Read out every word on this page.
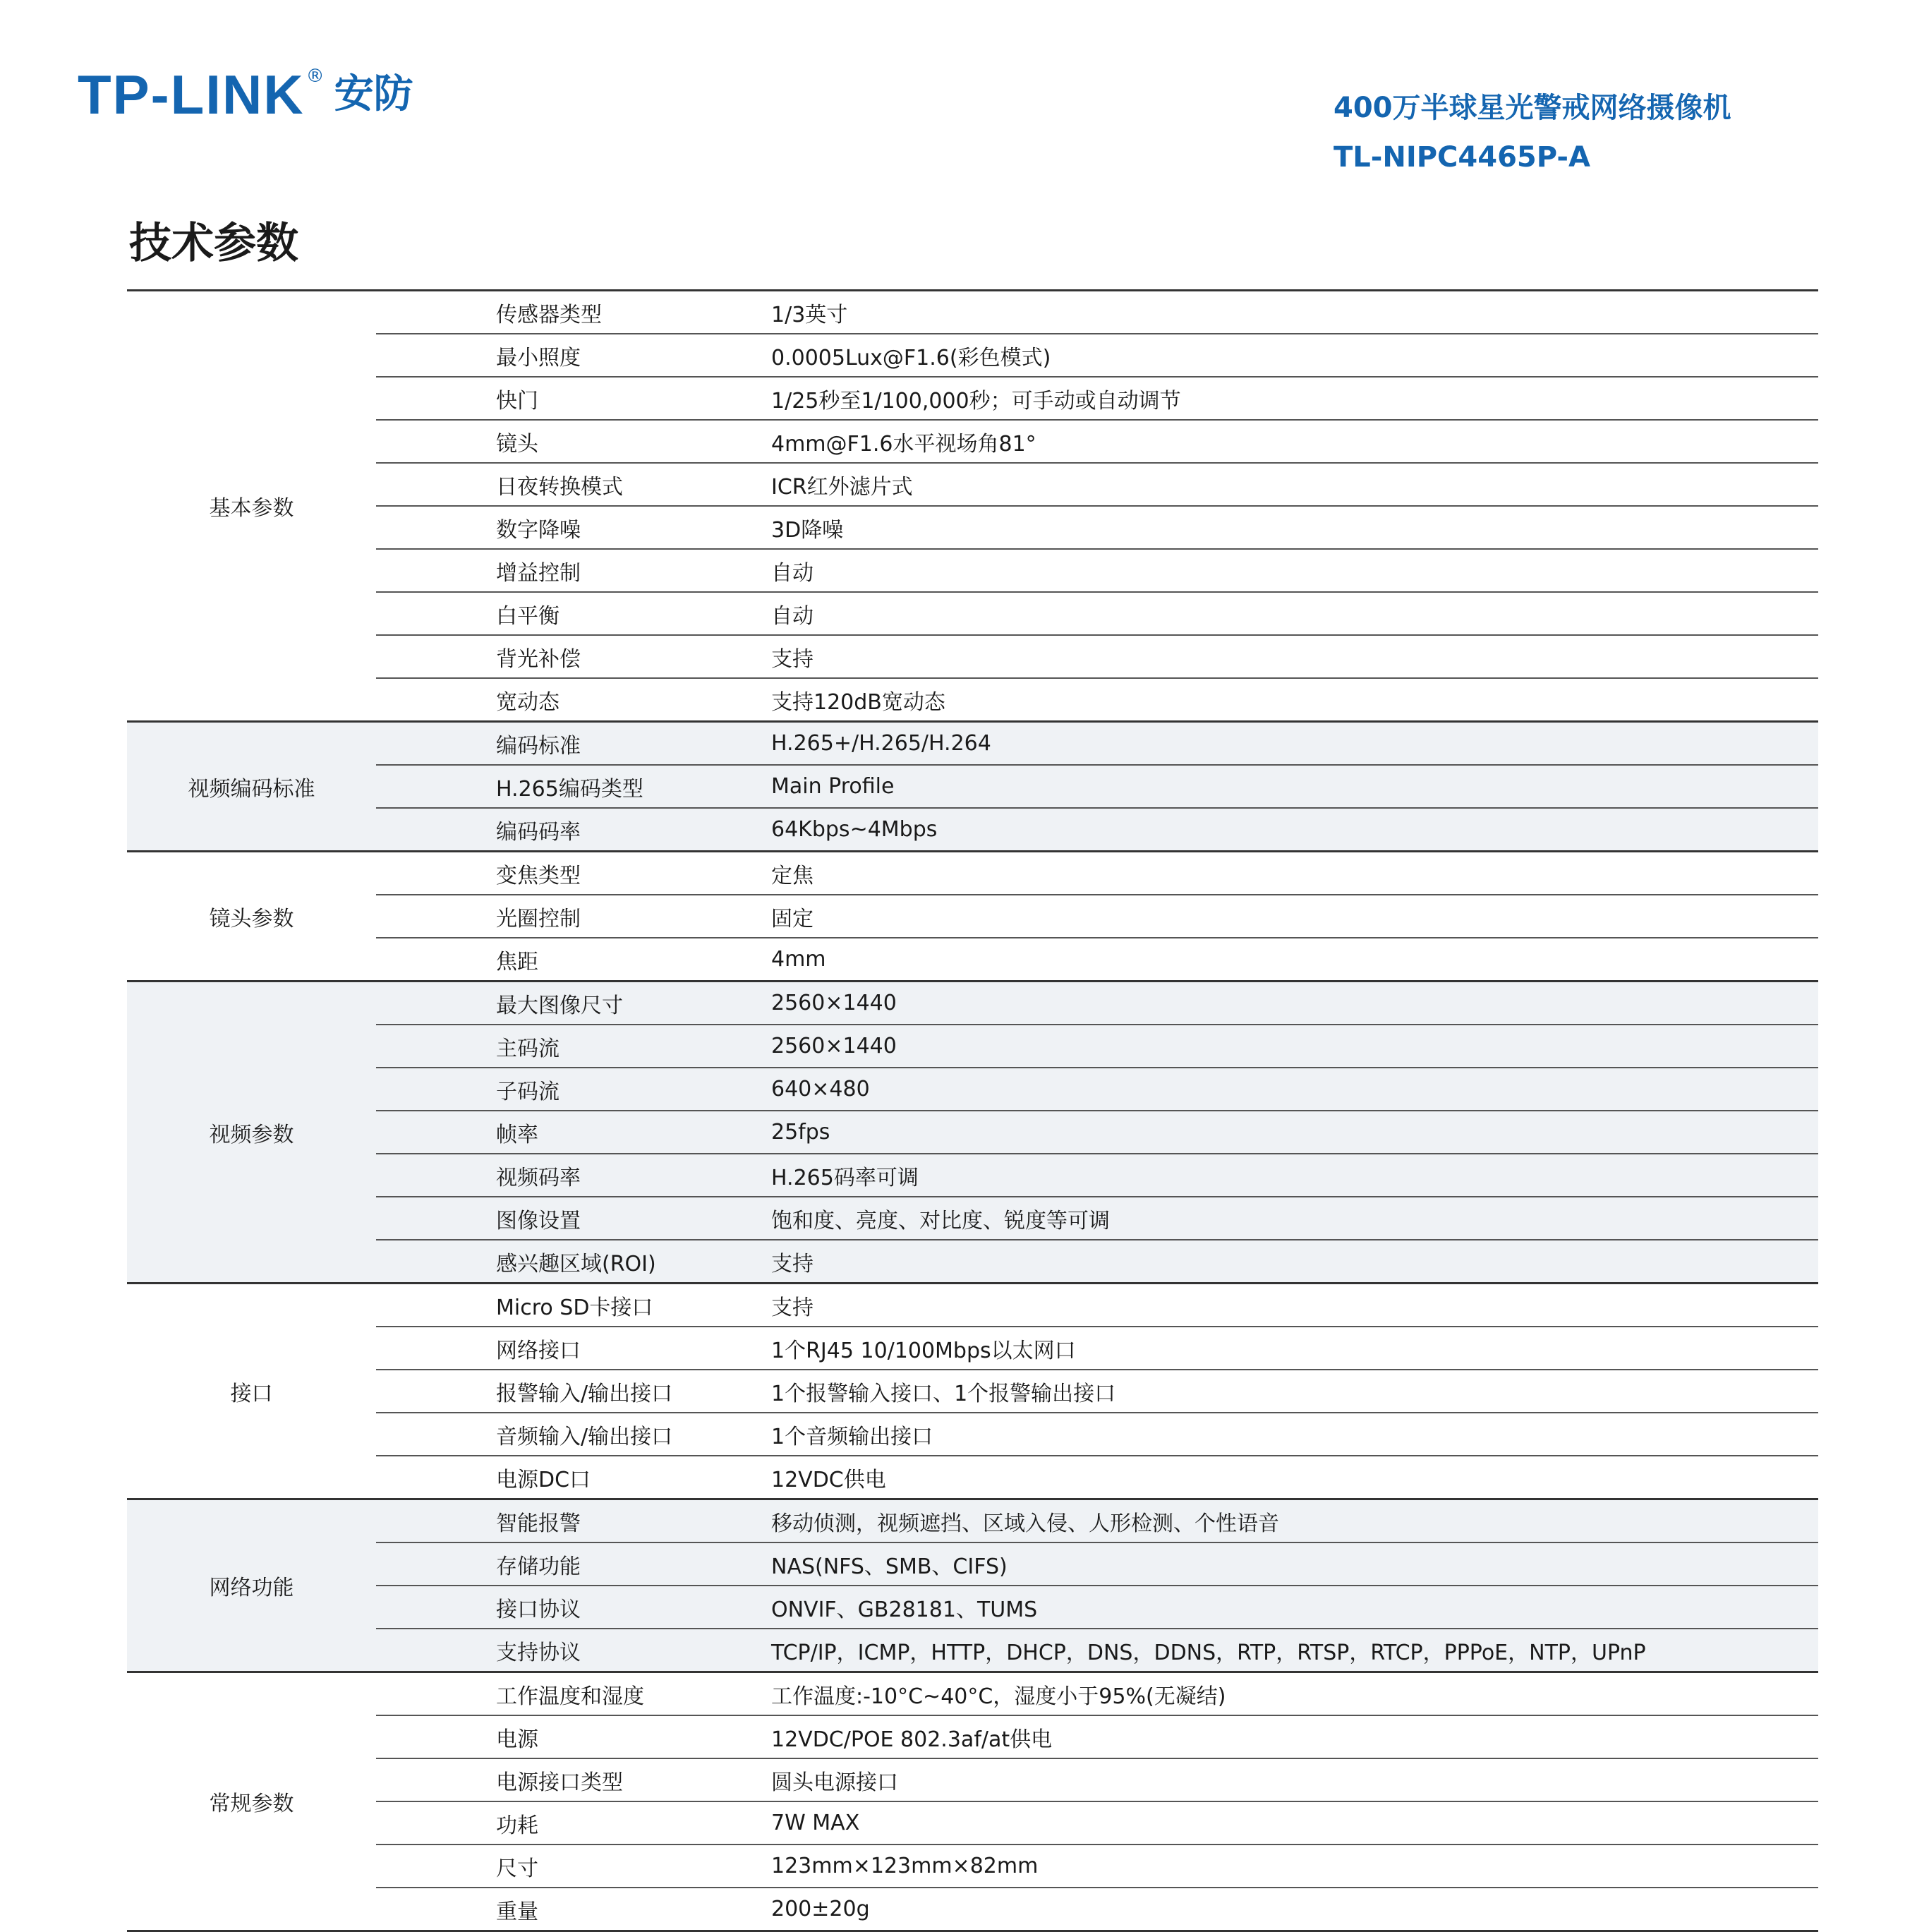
TP-LINK ® 安防	400万半球星光警戒网络摄像机
TL-NIPC4465P-A
技术参数
基本参数
传感器类型	1/3英寸
最小照度	0.0005Lux@F1.6(彩色模式)
快门	1/25秒至1/100,000秒；可手动或自动调节
镜头	4mm@F1.6水平视场角81°
日夜转换模式	ICR红外滤片式
数字降噪	3D降噪
增益控制	自动
白平衡	自动
背光补偿	支持
宽动态	支持120dB宽动态
视频编码标准
编码标准	H.265+/H.265/H.264
H.265编码类型	Main Profile
编码码率	64Kbps~4Mbps
镜头参数
变焦类型	定焦
光圈控制	固定
焦距	4mm
视频参数
最大图像尺寸	2560×1440
主码流	2560×1440
子码流	640×480
帧率	25fps
视频码率	H.265码率可调
图像设置	饱和度、亮度、对比度、锐度等可调
感兴趣区域(ROI)	支持
接口
Micro SD卡接口	支持
网络接口	1个RJ45 10/100Mbps以太网口
报警输入/输出接口	1个报警输入接口、1个报警输出接口
音频输入/输出接口	1个音频输出接口
电源DC口	12VDC供电
网络功能
智能报警	移动侦测，视频遮挡、区域入侵、人形检测、个性语音
存储功能	NAS(NFS、SMB、CIFS)
接口协议	ONVIF、GB28181、TUMS
支持协议	TCP/IP，ICMP，HTTP，DHCP，DNS，DDNS，RTP，RTSP，RTCP，PPPoE，NTP，UPnP
常规参数
工作温度和湿度	工作温度:-10°C~40°C，湿度小于95%(无凝结)
电源	12VDC/POE 802.3af/at供电
电源接口类型	圆头电源接口
功耗	7W MAX
尺寸	123mm×123mm×82mm
重量	200±20g
